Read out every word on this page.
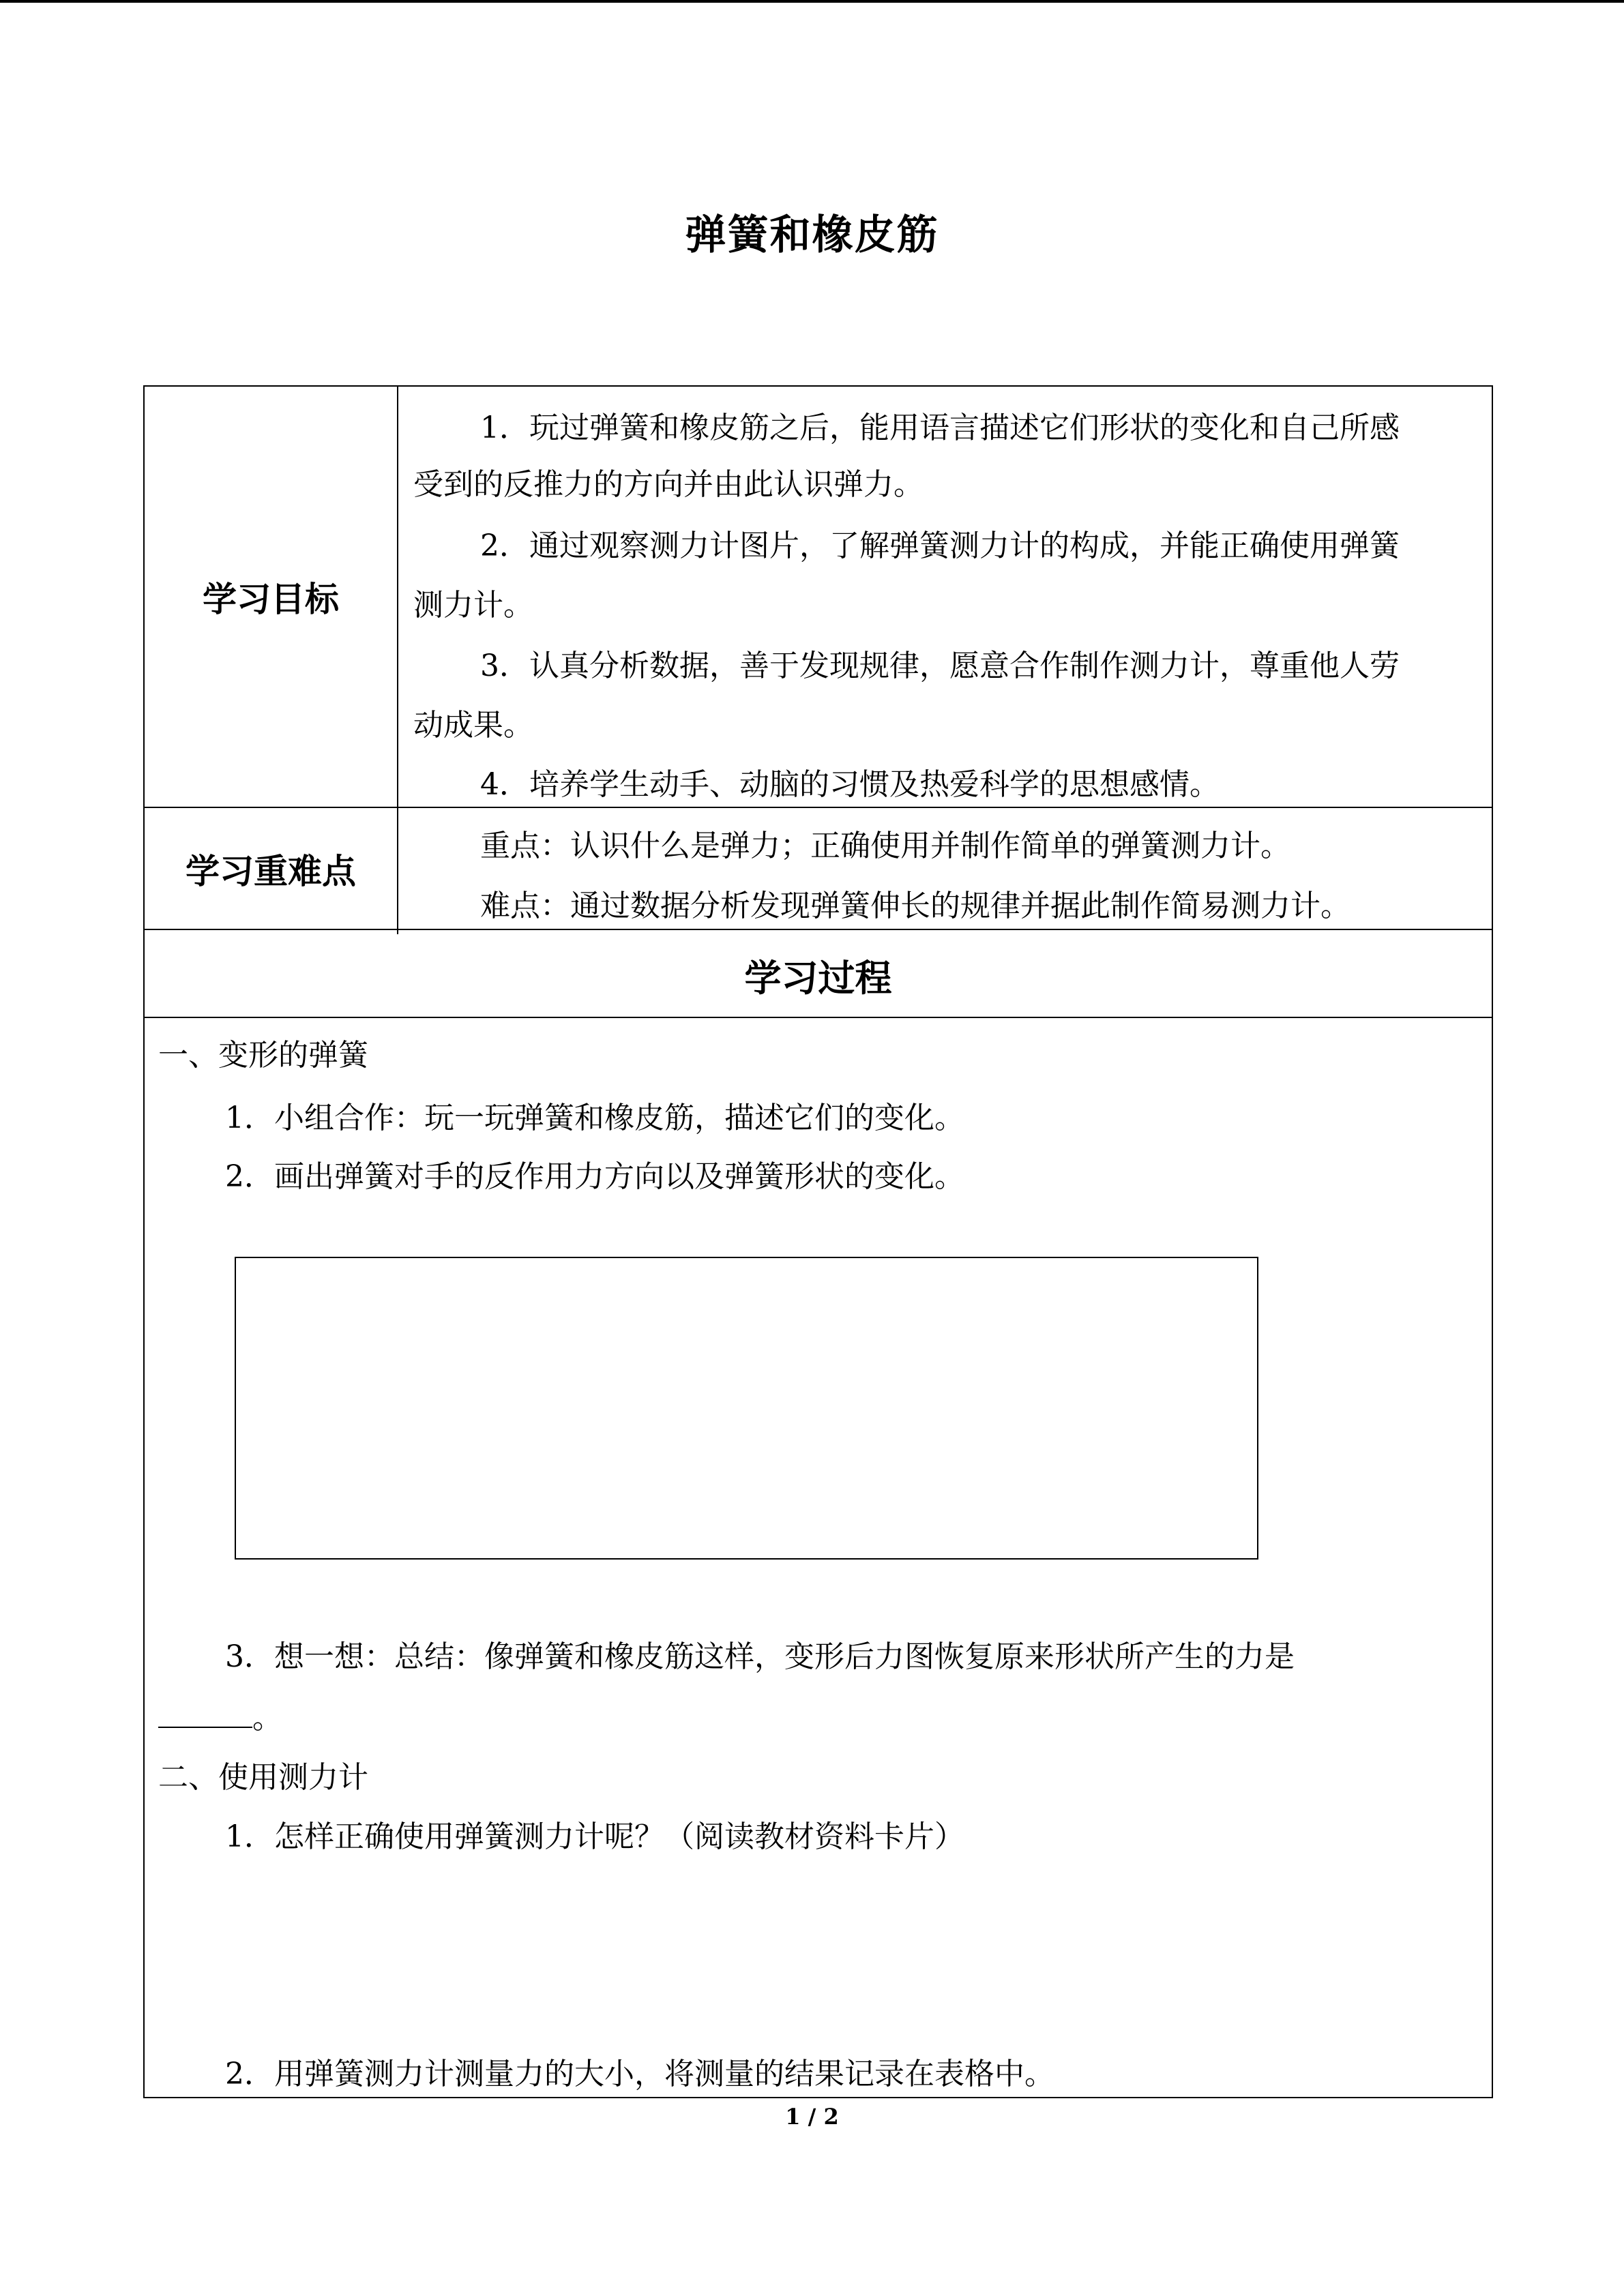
弹簧和橡皮筋
学习目标
1．玩过弹簧和橡皮筋之后，能用语言描述它们形状的变化和自己所感
受到的反推力的方向并由此认识弹力。
2．通过观察测力计图片，了解弹簧测力计的构成，并能正确使用弹簧
测力计。
3．认真分析数据，善于发现规律，愿意合作制作测力计，尊重他人劳
动成果。
4．培养学生动手、动脑的习惯及热爱科学的思想感情。
学习重难点
重点：认识什么是弹力；正确使用并制作简单的弹簧测力计。
难点：通过数据分析发现弹簧伸长的规律并据此制作简易测力计。
学习过程
一、变形的弹簧
1．小组合作：玩一玩弹簧和橡皮筋，描述它们的变化。
2．画出弹簧对手的反作用力方向以及弹簧形状的变化。
3．想一想：总结：像弹簧和橡皮筋这样，变形后力图恢复原来形状所产生的力是
。
二、使用测力计
1．怎样正确使用弹簧测力计呢？（阅读教材资料卡片）
2．用弹簧测力计测量力的大小，将测量的结果记录在表格中。
1 / 2
